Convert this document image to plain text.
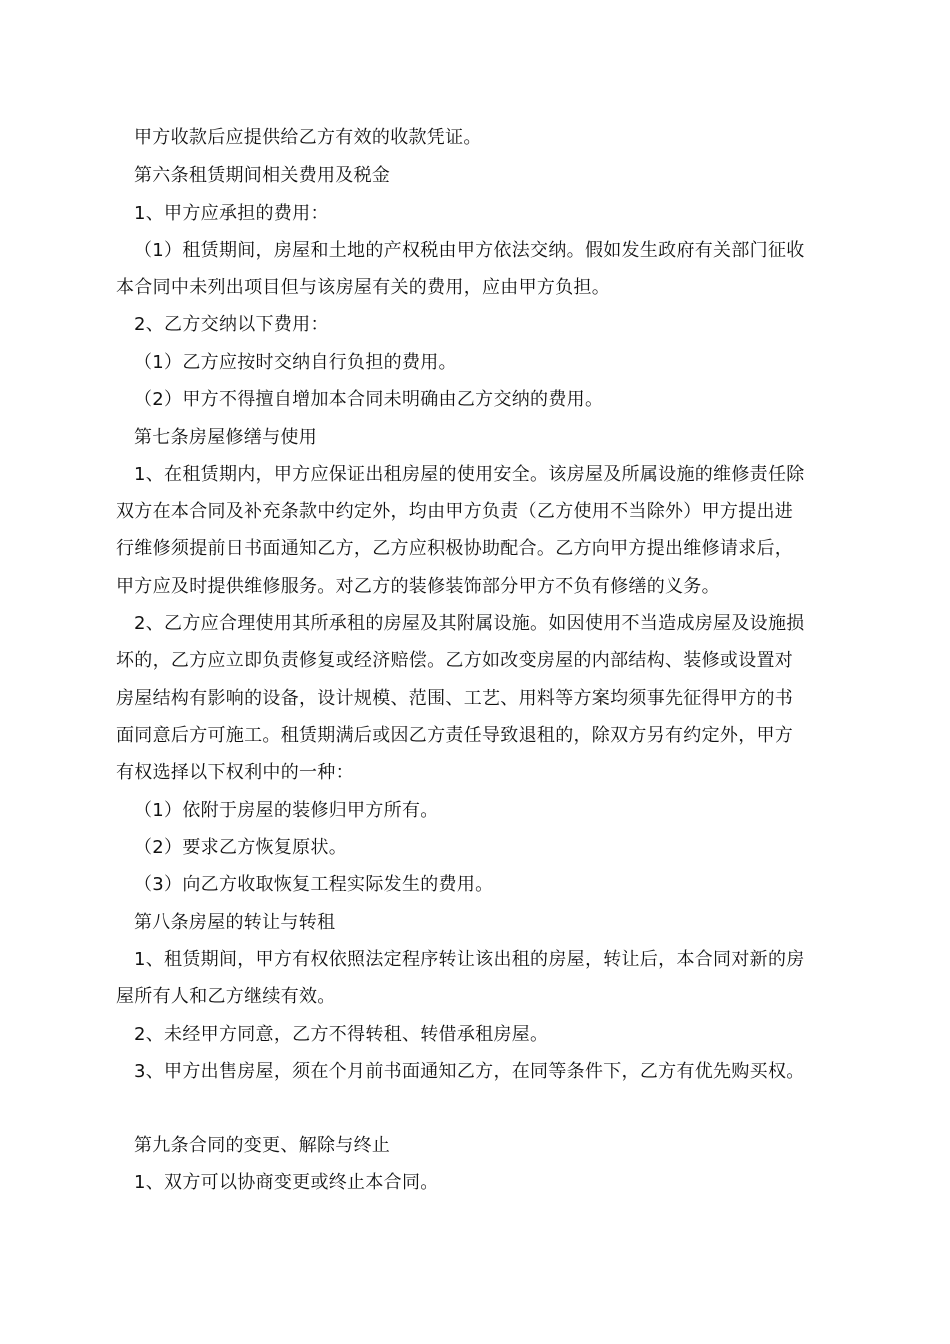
甲方收款后应提供给乙方有效的收款凭证。
第六条租赁期间相关费用及税金
1、甲方应承担的费用：
（1）租赁期间，房屋和土地的产权税由甲方依法交纳。假如发生政府有关部门征收
本合同中未列出项目但与该房屋有关的费用，应由甲方负担。
2、乙方交纳以下费用：
（1）乙方应按时交纳自行负担的费用。
（2）甲方不得擅自增加本合同未明确由乙方交纳的费用。
第七条房屋修缮与使用
1、在租赁期内，甲方应保证出租房屋的使用安全。该房屋及所属设施的维修责任除
双方在本合同及补充条款中约定外，均由甲方负责（乙方使用不当除外）甲方提出进
行维修须提前日书面通知乙方，乙方应积极协助配合。乙方向甲方提出维修请求后，
甲方应及时提供维修服务。对乙方的装修装饰部分甲方不负有修缮的义务。
2、乙方应合理使用其所承租的房屋及其附属设施。如因使用不当造成房屋及设施损
坏的，乙方应立即负责修复或经济赔偿。乙方如改变房屋的内部结构、装修或设置对
房屋结构有影响的设备，设计规模、范围、工艺、用料等方案均须事先征得甲方的书
面同意后方可施工。租赁期满后或因乙方责任导致退租的，除双方另有约定外，甲方
有权选择以下权利中的一种：
（1）依附于房屋的装修归甲方所有。
（2）要求乙方恢复原状。
（3）向乙方收取恢复工程实际发生的费用。
第八条房屋的转让与转租
1、租赁期间，甲方有权依照法定程序转让该出租的房屋，转让后，本合同对新的房
屋所有人和乙方继续有效。
2、未经甲方同意，乙方不得转租、转借承租房屋。
3、甲方出售房屋，须在个月前书面通知乙方，在同等条件下，乙方有优先购买权。
第九条合同的变更、解除与终止
1、双方可以协商变更或终止本合同。
